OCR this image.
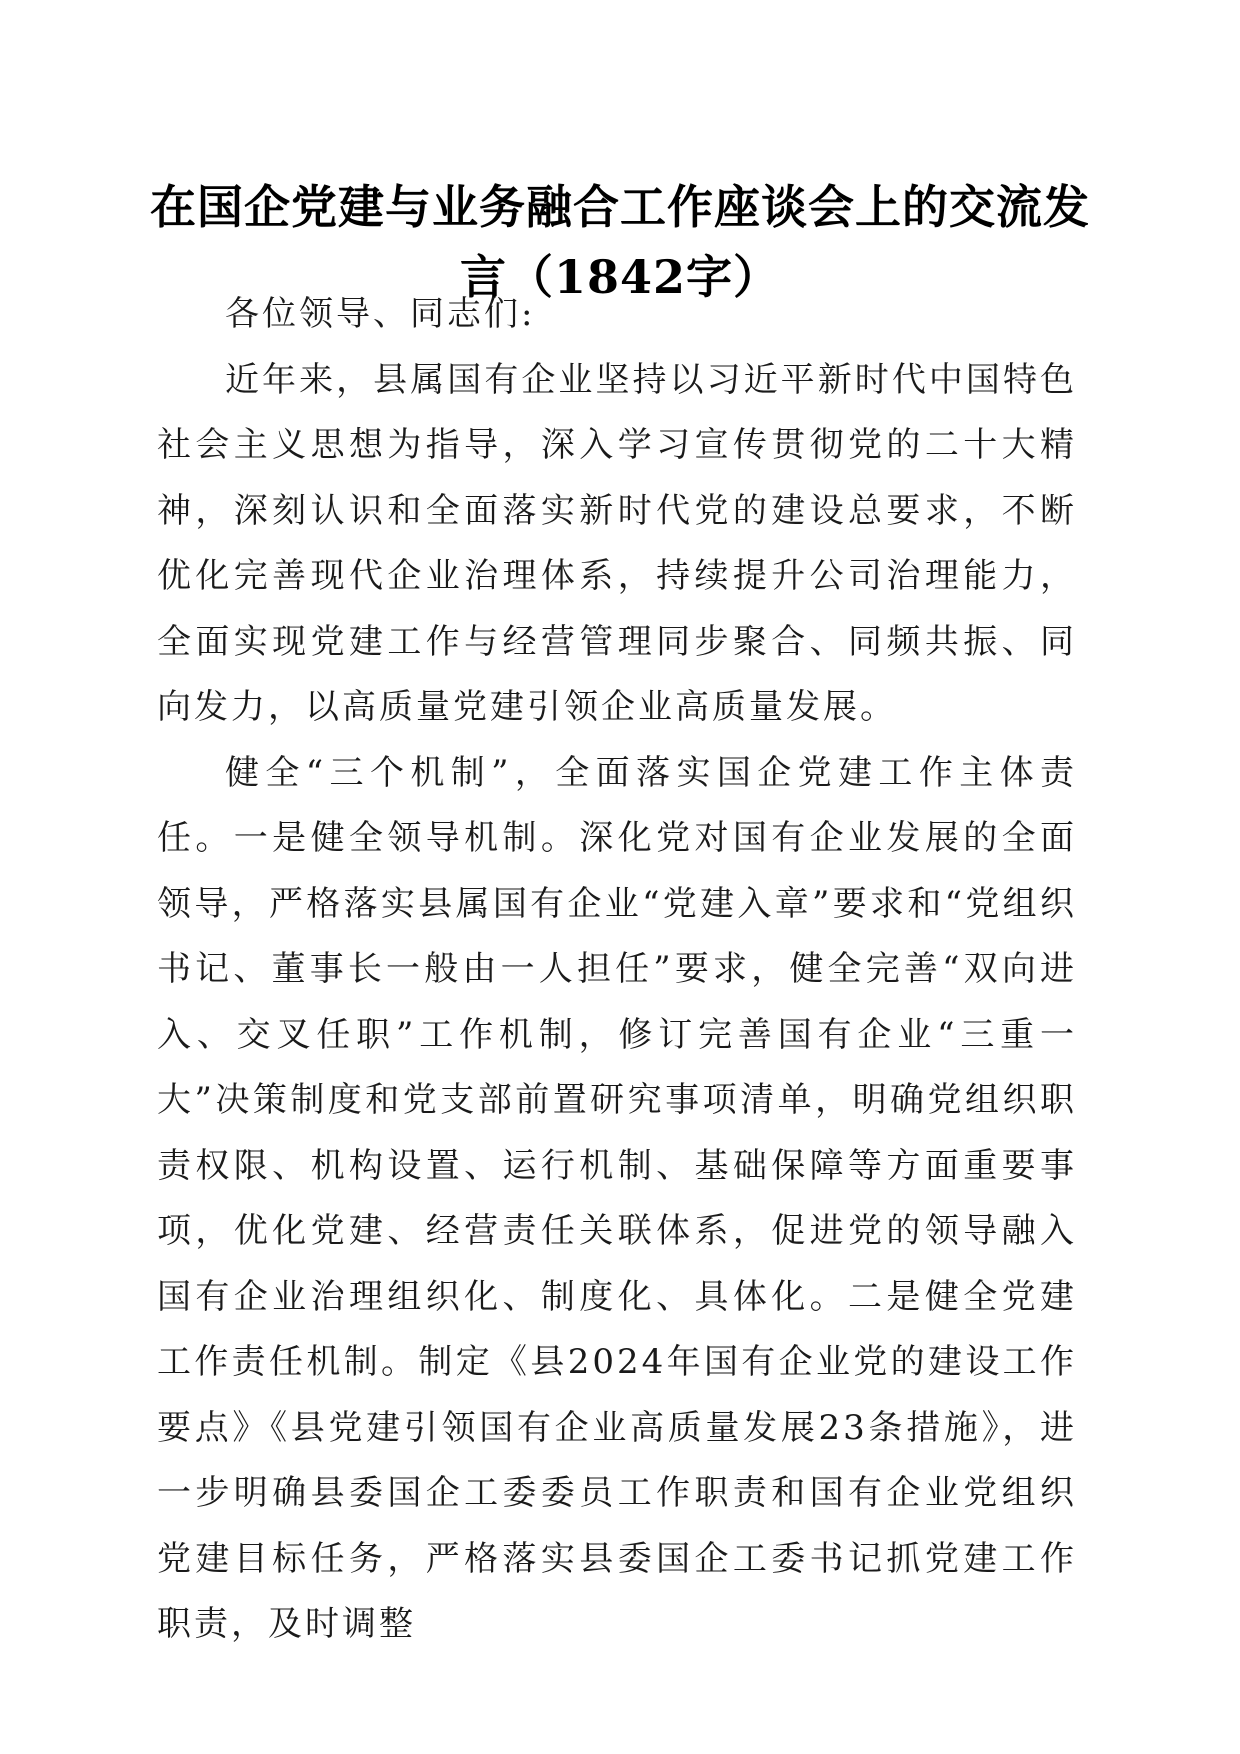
在国企党建与业务融合工作座谈会上的交流发言（1842字）

各位领导、同志们:

近年来，县属国有企业坚持以习近平新时代中国特色社会主义思想为指导，深入学习宣传贯彻党的二十大精神，深刻认识和全面落实新时代党的建设总要求，不断优化完善现代企业治理体系，持续提升公司治理能力，全面实现党建工作与经营管理同步聚合、同频共振、同向发力，以高质量党建引领企业高质量发展。

健全“三个机制”，全面落实国企党建工作主体责任。一是健全领导机制。深化党对国有企业发展的全面领导，严格落实县属国有企业“党建入章”要求和“党组织书记、董事长一般由一人担任”要求，健全完善“双向进入、交叉任职”工作机制，修订完善国有企业“三重一大”决策制度和党支部前置研究事项清单，明确党组织职责权限、机构设置、运行机制、基础保障等方面重要事项，优化党建、经营责任关联体系，促进党的领导融入国有企业治理组织化、制度化、具体化。二是健全党建工作责任机制。制定《县2024年国有企业党的建设工作要点》《县党建引领国有企业高质量发展23条措施》，进一步明确县委国企工委委员工作职责和国有企业党组织党建目标任务，严格落实县委国企工委书记抓党建工作职责，及时调整
